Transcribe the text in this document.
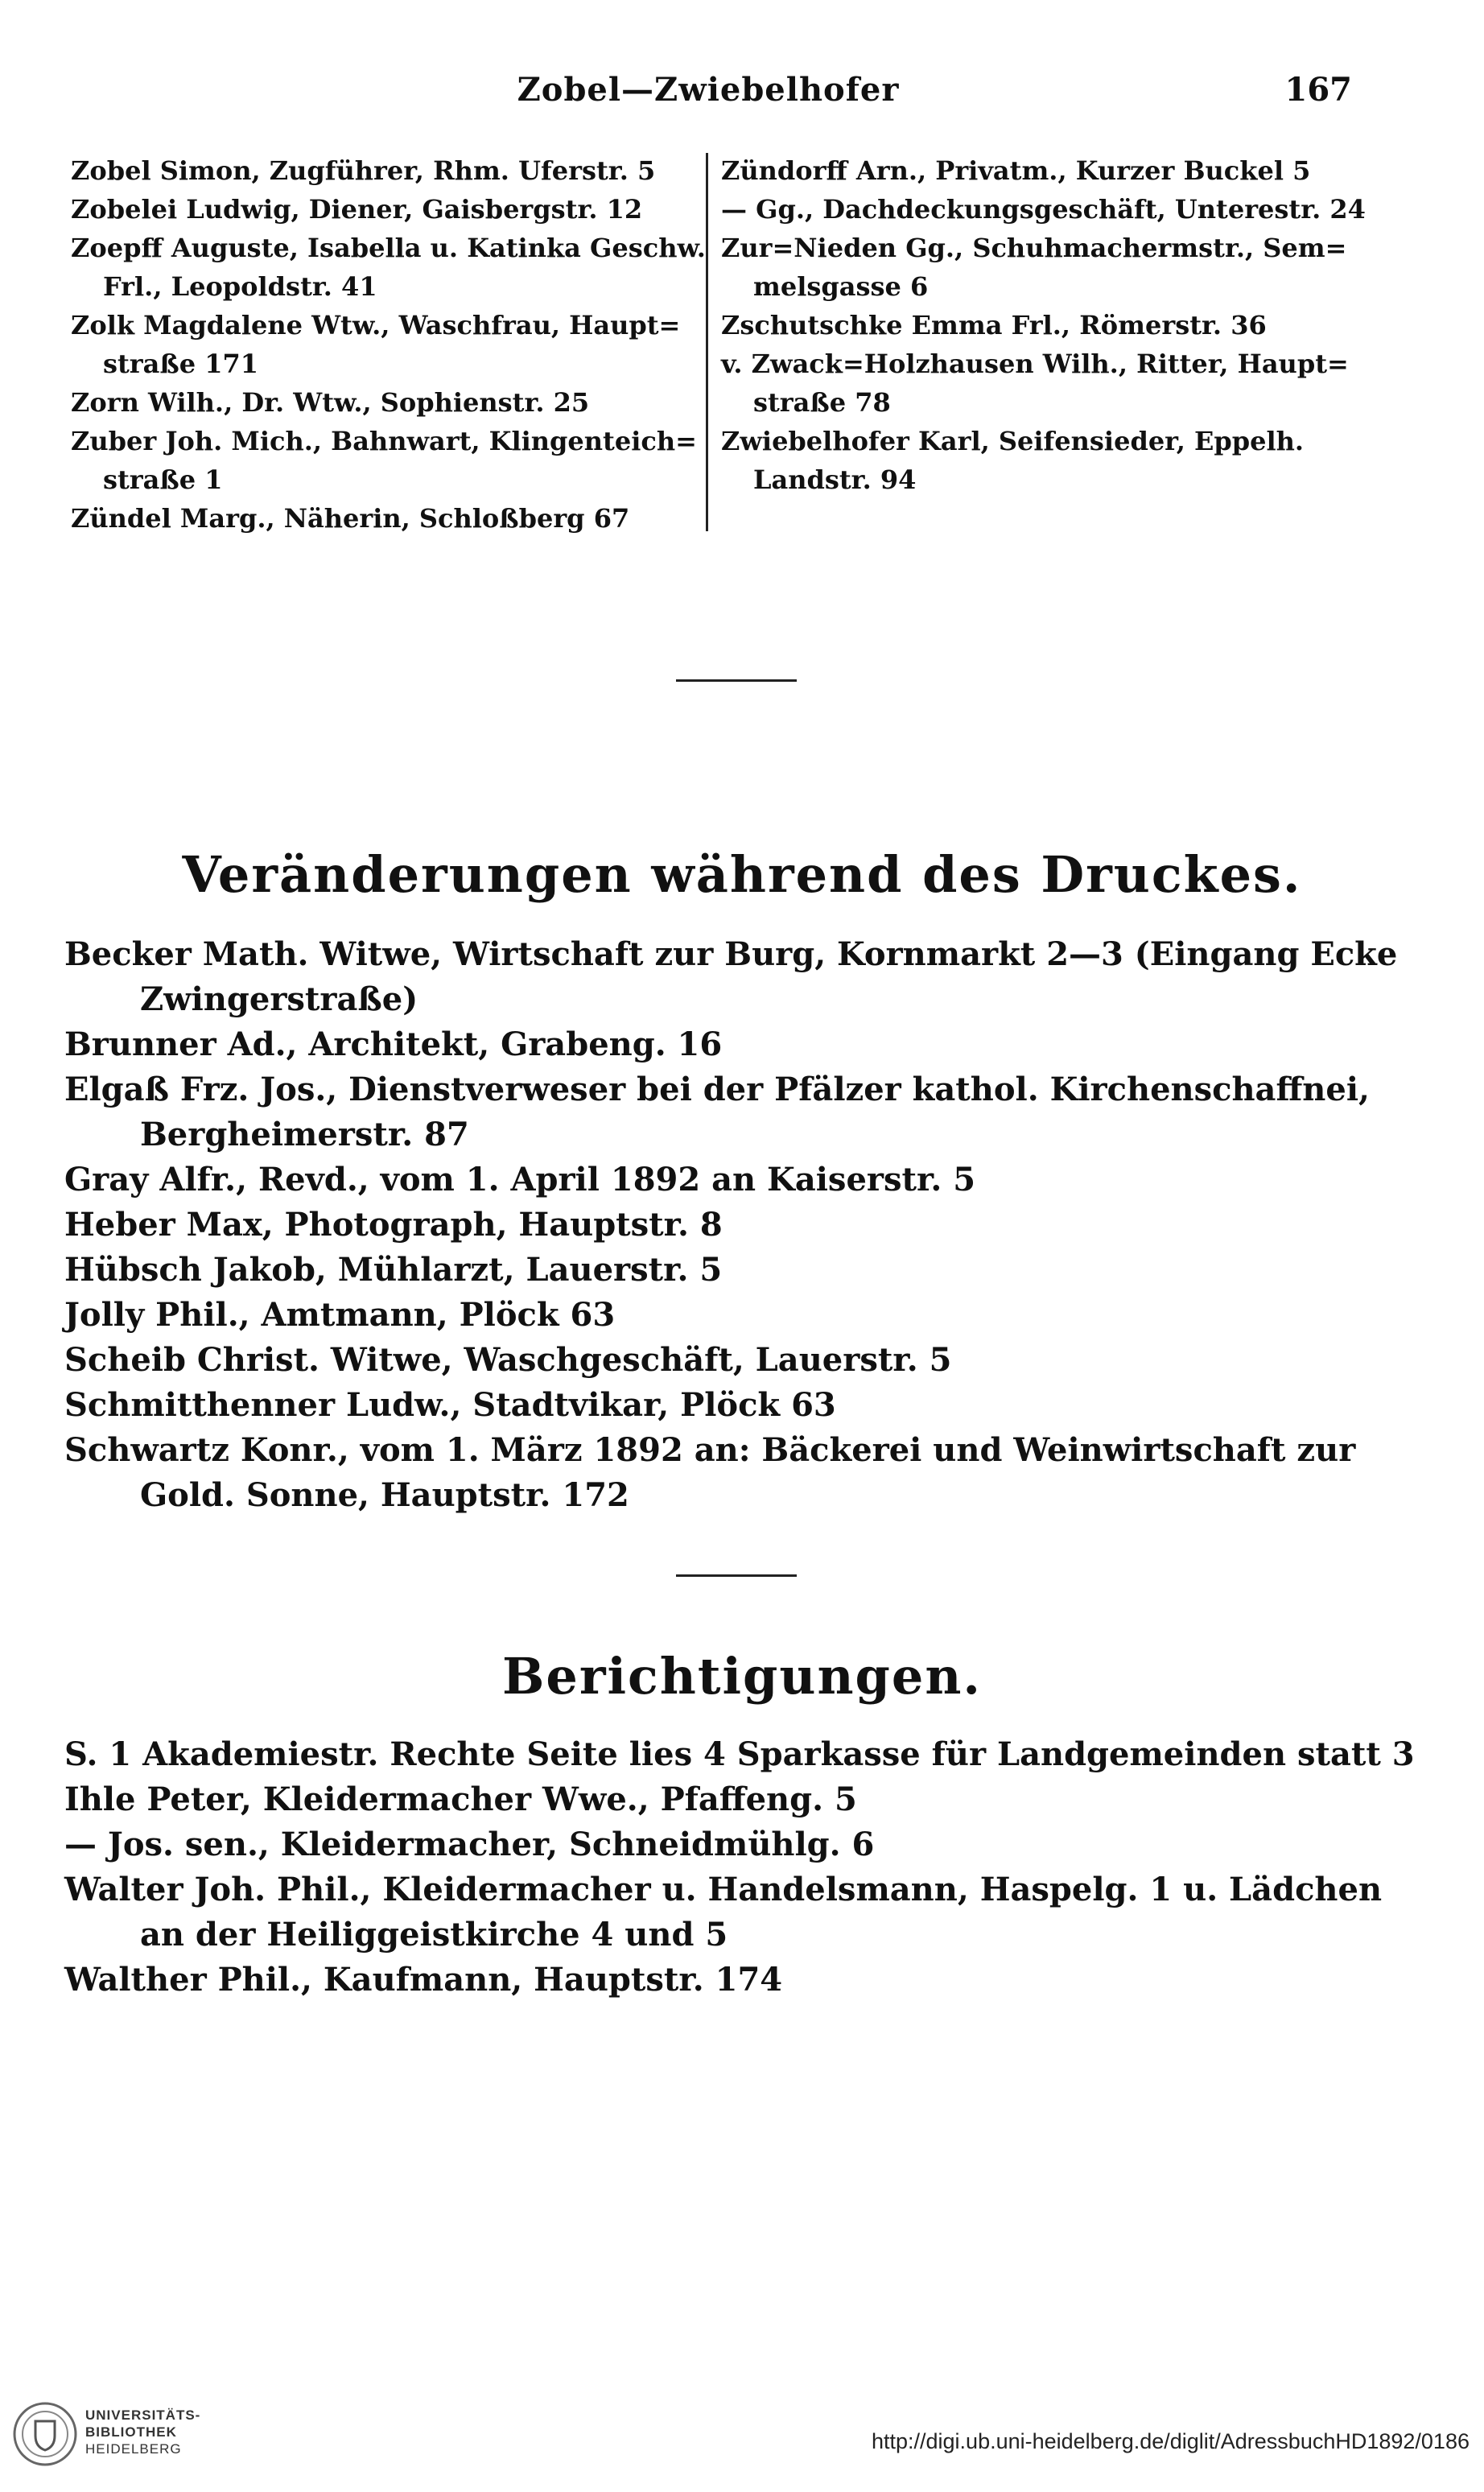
Zobel—Zwiebelhofer	167

Zobel Simon, Zugführer, Rhm. Uferstr. 5

Zobelei Ludwig, Diener, Gaisbergstr. 12

Zoepff Auguste, Isabella u. Katinka Geschw.
Frl., Leopoldstr. 41

Zolk Magdalene Wtw., Waschfrau, Haupt=
straße 171

Zorn Wilh., Dr. Wtw., Sophienstr. 25

Zuber Joh. Mich., Bahnwart, Klingenteich=
straße 1

Zündel Marg., Näherin, Schloßberg 67

Zündorff Arn., Privatm., Kurzer Buckel 5

— Gg., Dachdeckungsgeschäft, Unterestr. 24

Zur=Nieden Gg., Schuhmachermstr., Sem=
melsgasse 6

Zschutschke Emma Frl., Römerstr. 36

v. Zwack=Holzhausen Wilh., Ritter, Haupt=
straße 78

Zwiebelhofer Karl, Seifensieder, Eppelh.
Landstr. 94

Veränderungen während des Druckes.

Becker Math. Witwe, Wirtschaft zur Burg, Kornmarkt 2—3 (Eingang Ecke
Zwingerstraße)

Brunner Ad., Architekt, Grabeng. 16

Elgaß Frz. Jos., Dienstverweser bei der Pfälzer kathol. Kirchenschaffnei,
Bergheimerstr. 87

Gray Alfr., Revd., vom 1. April 1892 an Kaiserstr. 5

Heber Max, Photograph, Hauptstr. 8

Hübsch Jakob, Mühlarzt, Lauerstr. 5

Jolly Phil., Amtmann, Plöck 63

Scheib Christ. Witwe, Waschgeschäft, Lauerstr. 5

Schmitthenner Ludw., Stadtvikar, Plöck 63

Schwartz Konr., vom 1. März 1892 an: Bäckerei und Weinwirtschaft zur
Gold. Sonne, Hauptstr. 172

Berichtigungen.

S. 1 Akademiestr. Rechte Seite lies 4 Sparkasse für Landgemeinden statt 3

Ihle Peter, Kleidermacher Wwe., Pfaffeng. 5

— Jos. sen., Kleidermacher, Schneidmühlg. 6

Walter Joh. Phil., Kleidermacher u. Handelsmann, Haspelg. 1 u. Lädchen
an der Heiliggeistkirche 4 und 5

Walther Phil., Kaufmann, Hauptstr. 174

UNIVERSITÄTS-
BIBLIOTHEK
HEIDELBERG	http://digi.ub.uni-heidelberg.de/diglit/AdressbuchHD1892/0186
